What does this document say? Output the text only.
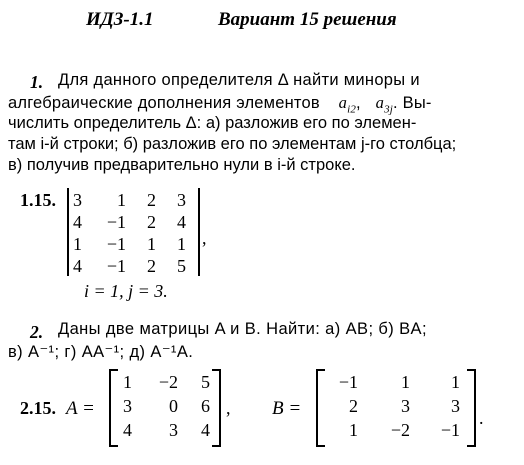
ИДЗ-1.1	Вариант 15 решения
1. Для данного определителя Δ найти миноры и
алгебраические дополнения элементов $a_{i2}$, $a_{3j}$. Вы-
числить определитель Δ: а) разложив его по элемен-
там i-й строки; б) разложив его по элементам j-го столбца;
в) получив предварительно нули в i-й строке.
1.15. 3	1	2	3
4 −1	2	4
1 −1	1	1
4 −1	2	5
,
i = 1, j = 3.
2. Даны две матрицы A и B. Найти: а) AB; б) BA;
в) A⁻¹; г) AA⁻¹; д) A⁻¹A.
2.15. A =
1	−2	5
3	0	6
4	3	4
, B =
−1	1	1
2	3	3
1	−2	−1
.
